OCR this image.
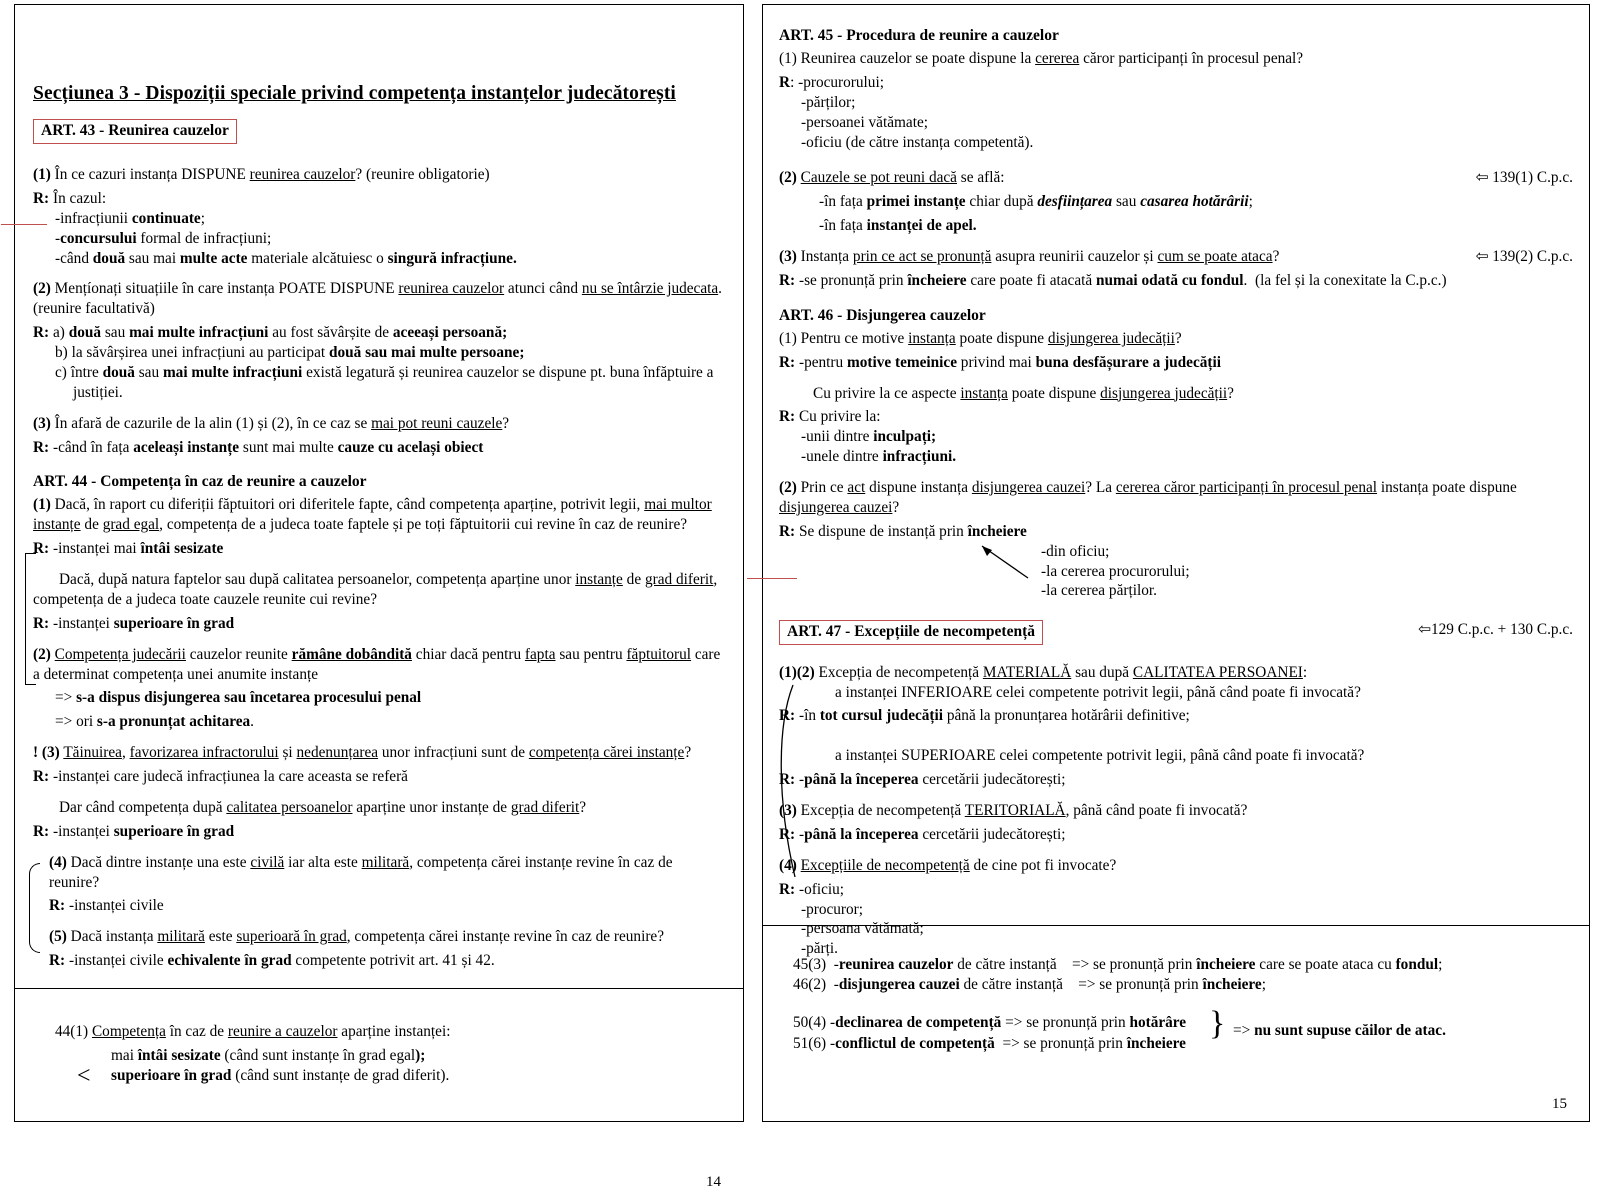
Secțiunea 3 - Dispoziții speciale privind competența instanțelor judecătorești
ART. 43 - Reunirea cauzelor
(1) În ce cazuri instanța DISPUNE reunirea cauzelor? (reunire obligatorie)
R: În cazul:
-infracțiunii continuate;
-concursului formal de infracțiuni;
-când două sau mai multe acte materiale alcătuiesc o singură infracțiune.
(2) Mențíonați situațiile în care instanța POATE DISPUNE reunirea cauzelor atunci când nu se întârzie judecata. (reunire facultativă)
R: a) două sau mai multe infracțiuni au fost săvârșite de aceeași persoană;
b) la săvârșirea unei infracțiuni au participat două sau mai multe persoane;
c) între două sau mai multe infracțiuni există legatură și reunirea cauzelor se dispune pt. buna înfăptuire a
justiției.
(3) În afară de cazurile de la alin (1) și (2), în ce caz se mai pot reuni cauzele?
R: -când în fața aceleași instanțe sunt mai multe cauze cu același obiect
ART. 44 - Competența în caz de reunire a cauzelor
(1) Dacă, în raport cu diferiții făptuitori ori diferitele fapte, când competența aparține, potrivit legii, mai multor instanțe de grad egal, competența de a judeca toate faptele și pe toți făptuitorii cui revine în caz de reunire?
R: -instanței mai întâi sesizate
Dacă, după natura faptelor sau după calitatea persoanelor, competența aparține unor instanțe de grad diferit, competența de a judeca toate cauzele reunite cui revine?
R: -instanței superioare în grad
(2) Competența judecării cauzelor reunite rămâne dobândită chiar dacă pentru fapta sau pentru făptuitorul care a determinat competența unei anumite instanțe
=> s-a dispus disjungerea sau încetarea procesului penal
=> ori s-a pronunțat achitarea.
! (3) Tăinuirea, favorizarea infractorului și nedenunțarea unor infracțiuni sunt de competența cărei instanțe?
R: -instanței care judecă infracțiunea la care aceasta se referă
Dar când competența după calitatea persoanelor aparține unor instanțe de grad diferit?
R: -instanței superioare în grad
(4) Dacă dintre instanțe una este civilă iar alta este militară, competența cărei instanțe revine în caz de reunire?
R: -instanței civile
(5) Dacă instanța militară este superioară în grad, competența cărei instanțe revine în caz de reunire?
R: -instanței civile echivalente în grad competente potrivit art. 41 și 42.
44(1) Competența în caz de reunire a cauzelor aparține instanței:
<
mai întâi sesizate (când sunt instanțe în grad egal);
superioare în grad (când sunt instanțe de grad diferit).
14
ART. 45 - Procedura de reunire a cauzelor
(1) Reunirea cauzelor se poate dispune la cererea căror participanți în procesul penal?
R: -procurorului;
-părților;
-persoanei vătămate;
-oficiu (de către instanța competentă).
(2) Cauzele se pot reuni dacă se află:	⇦ 139(1) C.p.c.
-în fața primei instanțe chiar după desființarea sau casarea hotărârii;
-în fața instanței de apel.
(3) Instanța prin ce act se pronunță asupra reunirii cauzelor și cum se poate ataca?	⇦ 139(2) C.p.c.
R: -se pronunță prin încheiere care poate fi atacată numai odată cu fondul.  (la fel și la conexitate la C.p.c.)
ART. 46 - Disjungerea cauzelor
(1) Pentru ce motive instanța poate dispune disjungerea judecății?
R: -pentru motive temeinice privind mai buna desfășurare a judecății
Cu privire la ce aspecte instanța poate dispune disjungerea judecății?
R: Cu privire la:
-unii dintre inculpați;
-unele dintre infracțiuni.
(2) Prin ce act dispune instanța disjungerea cauzei? La cererea căror participanți în procesul penal instanța poate dispune disjungerea cauzei?
R: Se dispune de instanță prin încheiere
-din oficiu;
-la cererea procurorului;
-la cererea părților.
ART. 47 - Excepțiile de necompetență	⇦129 C.p.c. + 130 C.p.c.
(1)(2) Excepția de necompetență MATERIALĂ sau după CALITATEA PERSOANEI:
a instanței INFERIOARE celei competente potrivit legii, până când poate fi invocată?
R: -în tot cursul judecății până la pronunțarea hotărârii definitive;
a instanței SUPERIOARE celei competente potrivit legii, până când poate fi invocată?
R: -până la începerea cercetării judecătorești;
(3) Excepția de necompetență TERITORIALĂ, până când poate fi invocată?
R: -până la începerea cercetării judecătorești;
(4) Excepțiile de necompetență de cine pot fi invocate?
R: -oficiu;
-procuror;
-persoana vătămată;
-părți.
45(3)  -reunirea cauzelor de către instanță    => se pronunță prin încheiere care se poate ataca cu fondul;
46(2)  -disjungerea cauzei de către instanță    => se pronunță prin încheiere;
50(4) -declinarea de competență => se pronunță prin hotărâre
51(6) -conflictul de competență  => se pronunță prin încheiere
} => nu sunt supuse căilor de atac.
15
